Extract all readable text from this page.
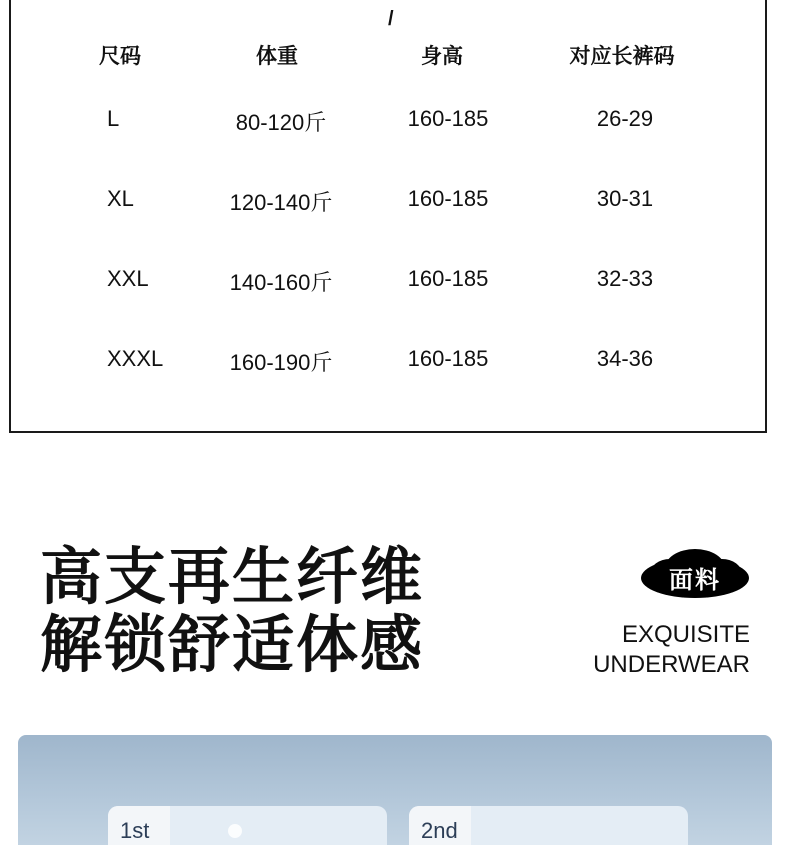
/
尺码	体重	身高	对应长裤码
L	80-120斤	160-185	26-29
XL	120-140斤	160-185	30-31
XXL	140-160斤	160-185	32-33
XXXL	160-190斤	160-185	34-36
高支再生纤维
解锁舒适体感
面料
EXQUISITE
UNDERWEAR
1st	2nd
